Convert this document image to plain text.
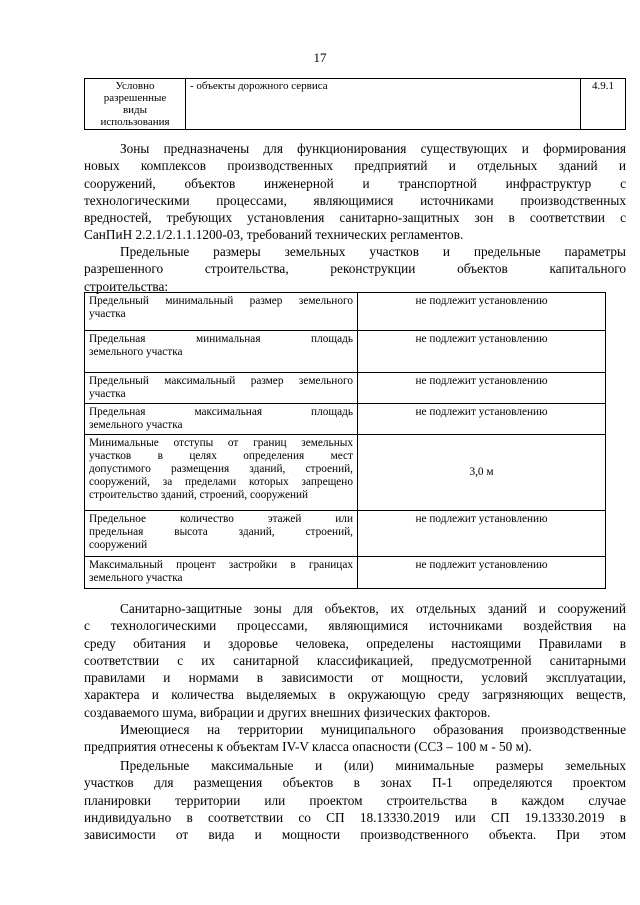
17
Условно
разрешенные
виды
использования
	- объекты дорожного сервиса	4.9.1
Зоны предназначены для функционирования существующих и формирования
новых комплексов производственных предприятий и отдельных зданий и
сооружений, объектов инженерной и транспортной инфраструктур с
технологическими процессами, являющимися источниками производственных
вредностей, требующих установления санитарно-защитных зон в соответствии с
СанПиН 2.2.1/2.1.1.1200-03, требований технических регламентов.
Предельные размеры земельных участков и предельные параметры
разрешенного строительства, реконструкции объектов капитального
строительства:
Предельный минимальный размер земельного
участка	не подлежит установлению

Предельная минимальная площадь
земельного участка	не подлежит установлению

Предельный максимальный размер земельного
участка	не подлежит установлению

Предельная максимальная площадь
земельного участка	не подлежит установлению

Минимальные отступы от границ земельных
участков в целях определения мест
допустимого размещения зданий, строений,
сооружений, за пределами которых запрещено
строительство зданий, строений, сооружений	3,0 м

Предельное количество этажей или
предельная высота зданий, строений,
сооружений	не подлежит установлению

Максимальный процент застройки в границах
земельного участка	не подлежит установлению
Санитарно-защитные зоны для объектов, их отдельных зданий и сооружений
с технологическими процессами, являющимися источниками воздействия на
среду обитания и здоровье человека, определены настоящими Правилами в
соответствии с их санитарной классификацией, предусмотренной санитарными
правилами и нормами в зависимости от мощности, условий эксплуатации,
характера и количества выделяемых в окружающую среду загрязняющих веществ,
создаваемого шума, вибрации и других внешних физических факторов.
Имеющиеся на территории муниципального образования производственные
предприятия отнесены к объектам IV-V класса опасности (ССЗ – 100 м - 50 м).
Предельные максимальные и (или) минимальные размеры земельных
участков для размещения объектов в зонах П-1 определяются проектом
планировки территории или проектом строительства в каждом случае
индивидуально в соответствии со СП 18.13330.2019 или СП 19.13330.2019 в
зависимости от вида и мощности производственного объекта. При этом
